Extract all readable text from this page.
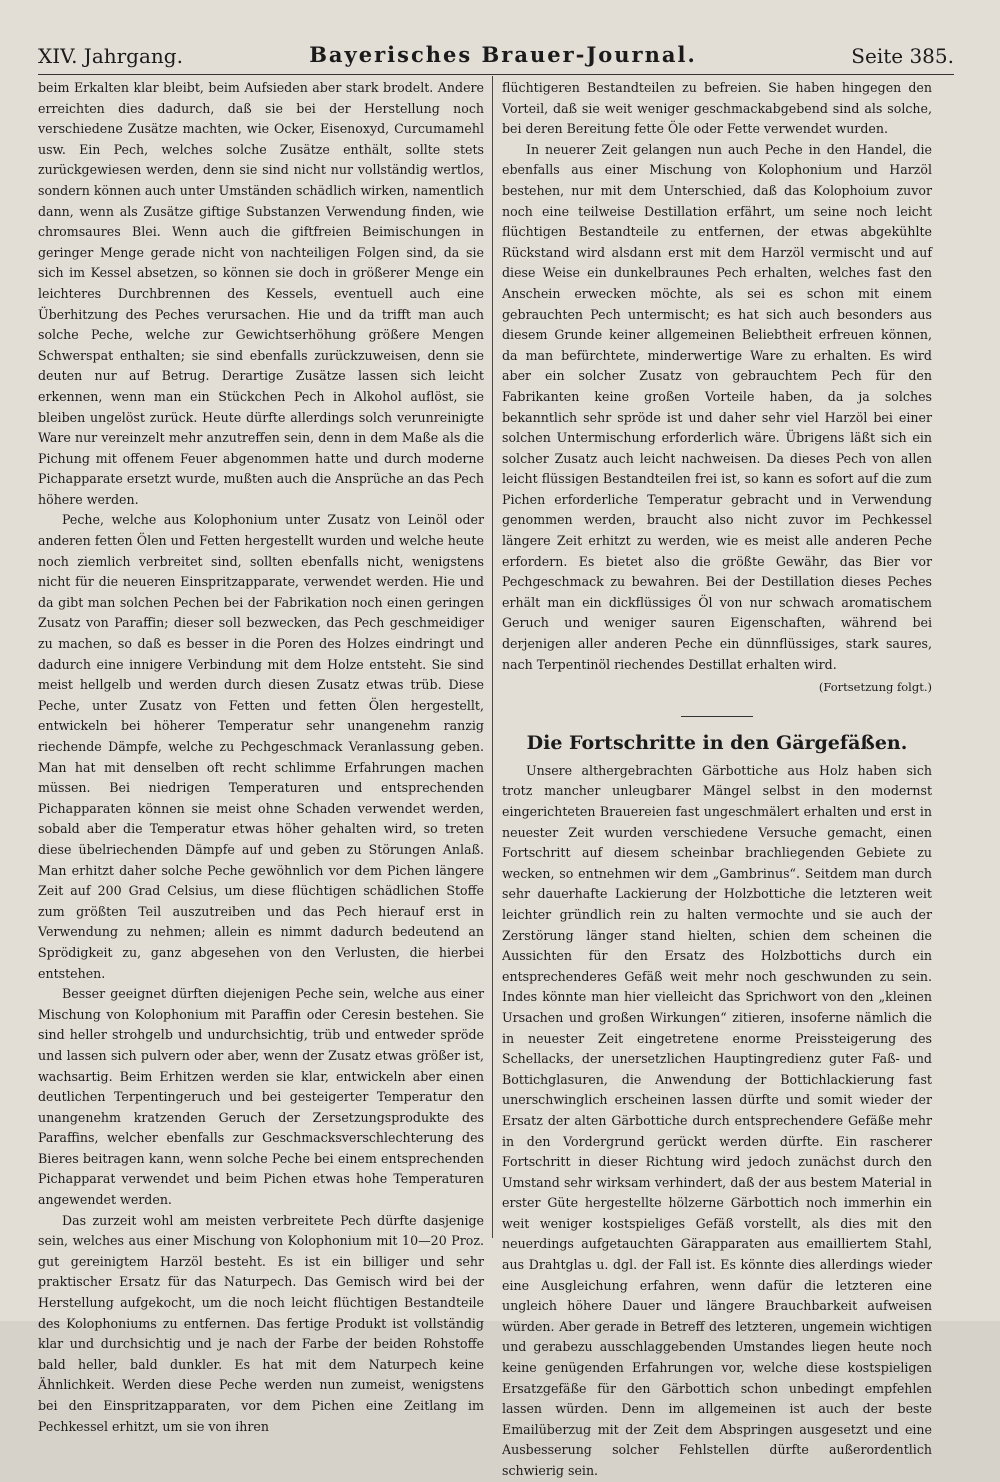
XIV. Jahrgang.	Bayerisches Brauer-Journal.	Seite 385.

beim Erkalten klar bleibt, beim Aufsieden aber stark brodelt. Andere erreichten dies dadurch, daß sie bei der Herstellung noch verschiedene Zusätze machten, wie Ocker, Eisenoxyd, Curcumamehl usw. Ein Pech, welches solche Zusätze enthält, sollte stets zurückgewiesen werden, denn sie sind nicht nur vollständig wertlos, sondern können auch unter Umständen schädlich wirken, namentlich dann, wenn als Zusätze giftige Substanzen Verwendung finden, wie chromsaures Blei. Wenn auch die giftfreien Beimischungen in geringer Menge gerade nicht von nachteiligen Folgen sind, da sie sich im Kessel absetzen, so können sie doch in größerer Menge ein leichteres Durchbrennen des Kessels, eventuell auch eine Überhitzung des Peches verursachen. Hie und da trifft man auch solche Peche, welche zur Gewichtserhöhung größere Mengen Schwerspat enthalten; sie sind ebenfalls zurückzuweisen, denn sie deuten nur auf Betrug. Derartige Zusätze lassen sich leicht erkennen, wenn man ein Stückchen Pech in Alkohol auflöst, sie bleiben ungelöst zurück. Heute dürfte allerdings solch verunreinigte Ware nur vereinzelt mehr anzutreffen sein, denn in dem Maße als die Pichung mit offenem Feuer abgenommen hatte und durch moderne Pichapparate ersetzt wurde, mußten auch die Ansprüche an das Pech höhere werden.

Peche, welche aus Kolophonium unter Zusatz von Leinöl oder anderen fetten Ölen und Fetten hergestellt wurden und welche heute noch ziemlich verbreitet sind, sollten ebenfalls nicht, wenigstens nicht für die neueren Einspritzapparate, verwendet werden. Hie und da gibt man solchen Pechen bei der Fabrikation noch einen geringen Zusatz von Paraffin; dieser soll bezwecken, das Pech geschmeidiger zu machen, so daß es besser in die Poren des Holzes eindringt und dadurch eine innigere Verbindung mit dem Holze entsteht. Sie sind meist hellgelb und werden durch diesen Zusatz etwas trüb. Diese Peche, unter Zusatz von Fetten und fetten Ölen hergestellt, entwickeln bei höherer Temperatur sehr unangenehm ranzig riechende Dämpfe, welche zu Pechgeschmack Veranlassung geben. Man hat mit denselben oft recht schlimme Erfahrungen machen müssen. Bei niedrigen Temperaturen und entsprechenden Pichapparaten können sie meist ohne Schaden verwendet werden, sobald aber die Temperatur etwas höher gehalten wird, so treten diese übelriechenden Dämpfe auf und geben zu Störungen Anlaß. Man erhitzt daher solche Peche gewöhnlich vor dem Pichen längere Zeit auf 200 Grad Celsius, um diese flüchtigen schädlichen Stoffe zum größten Teil auszutreiben und das Pech hierauf erst in Verwendung zu nehmen; allein es nimmt dadurch bedeutend an Sprödigkeit zu, ganz abgesehen von den Verlusten, die hierbei entstehen.

Besser geeignet dürften diejenigen Peche sein, welche aus einer Mischung von Kolophonium mit Paraffin oder Ceresin bestehen. Sie sind heller strohgelb und undurchsichtig, trüb und entweder spröde und lassen sich pulvern oder aber, wenn der Zusatz etwas größer ist, wachsartig. Beim Erhitzen werden sie klar, entwickeln aber einen deutlichen Terpentingeruch und bei gesteigerter Temperatur den unangenehm kratzenden Geruch der Zersetzungsprodukte des Paraffins, welcher ebenfalls zur Geschmacksverschlechterung des Bieres beitragen kann, wenn solche Peche bei einem entsprechenden Pichapparat verwendet und beim Pichen etwas hohe Temperaturen angewendet werden.

Das zurzeit wohl am meisten verbreitete Pech dürfte dasjenige sein, welches aus einer Mischung von Kolophonium mit 10—20 Proz. gut gereinigtem Harzöl besteht. Es ist ein billiger und sehr praktischer Ersatz für das Naturpech. Das Gemisch wird bei der Herstellung aufgekocht, um die noch leicht flüchtigen Bestandteile des Kolophoniums zu entfernen. Das fertige Produkt ist vollständig klar und durchsichtig und je nach der Farbe der beiden Rohstoffe bald heller, bald dunkler. Es hat mit dem Naturpech keine Ähnlichkeit. Werden diese Peche werden nun zumeist, wenigstens bei den Einspritzapparaten, vor dem Pichen eine Zeitlang im Pechkessel erhitzt, um sie von ihren

flüchtigeren Bestandteilen zu befreien. Sie haben hingegen den Vorteil, daß sie weit weniger geschmackabgebend sind als solche, bei deren Bereitung fette Öle oder Fette verwendet wurden.

In neuerer Zeit gelangen nun auch Peche in den Handel, die ebenfalls aus einer Mischung von Kolophonium und Harzöl bestehen, nur mit dem Unterschied, daß das Kolophoium zuvor noch eine teilweise Destillation erfährt, um seine noch leicht flüchtigen Bestandteile zu entfernen, der etwas abgekühlte Rückstand wird alsdann erst mit dem Harzöl vermischt und auf diese Weise ein dunkelbraunes Pech erhalten, welches fast den Anschein erwecken möchte, als sei es schon mit einem gebrauchten Pech untermischt; es hat sich auch besonders aus diesem Grunde keiner allgemeinen Beliebtheit erfreuen können, da man befürchtete, minderwertige Ware zu erhalten. Es wird aber ein solcher Zusatz von gebrauchtem Pech für den Fabrikanten keine großen Vorteile haben, da ja solches bekanntlich sehr spröde ist und daher sehr viel Harzöl bei einer solchen Untermischung erforderlich wäre. Übrigens läßt sich ein solcher Zusatz auch leicht nachweisen. Da dieses Pech von allen leicht flüssigen Bestandteilen frei ist, so kann es sofort auf die zum Pichen erforderliche Temperatur gebracht und in Verwendung genommen werden, braucht also nicht zuvor im Pechkessel längere Zeit erhitzt zu werden, wie es meist alle anderen Peche erfordern. Es bietet also die größte Gewähr, das Bier vor Pechgeschmack zu bewahren. Bei der Destillation dieses Peches erhält man ein dickflüssiges Öl von nur schwach aromatischem Geruch und weniger sauren Eigenschaften, während bei derjenigen aller anderen Peche ein dünnflüssiges, stark saures, nach Terpentinöl riechendes Destillat erhalten wird.

(Fortsetzung folgt.)

Die Fortschritte in den Gärgefäßen.

Unsere althergebrachten Gärbottiche aus Holz haben sich trotz mancher unleugbarer Mängel selbst in den modernst eingerichteten Brauereien fast ungeschmälert erhalten und erst in neuester Zeit wurden verschiedene Versuche gemacht, einen Fortschritt auf diesem scheinbar brachliegenden Gebiete zu wecken, so entnehmen wir dem „Gambrinus“. Seitdem man durch sehr dauerhafte Lackierung der Holzbottiche die letzteren weit leichter gründlich rein zu halten vermochte und sie auch der Zerstörung länger stand hielten, schien dem scheinen die Aussichten für den Ersatz des Holzbottichs durch ein entsprechenderes Gefäß weit mehr noch geschwunden zu sein. Indes könnte man hier vielleicht das Sprichwort von den „kleinen Ursachen und großen Wirkungen“ zitieren, insoferne nämlich die in neuester Zeit eingetretene enorme Preissteigerung des Schellacks, der unersetzlichen Hauptingredienz guter Faß- und Bottichglasuren, die Anwendung der Bottichlackierung fast unerschwinglich erscheinen lassen dürfte und somit wieder der Ersatz der alten Gärbottiche durch entsprechendere Gefäße mehr in den Vordergrund gerückt werden dürfte. Ein rascherer Fortschritt in dieser Richtung wird jedoch zunächst durch den Umstand sehr wirksam verhindert, daß der aus bestem Material in erster Güte hergestellte hölzerne Gärbottich noch immerhin ein weit weniger kostspieliges Gefäß vorstellt, als dies mit den neuerdings aufgetauchten Gärapparaten aus emailliertem Stahl, aus Drahtglas u. dgl. der Fall ist. Es könnte dies allerdings wieder eine Ausgleichung erfahren, wenn dafür die letzteren eine ungleich höhere Dauer und längere Brauchbarkeit aufweisen würden. Aber gerade in Betreff des letzteren, ungemein wichtigen und gerabezu ausschlaggebenden Umstandes liegen heute noch keine genügenden Erfahrungen vor, welche diese kostspieligen Ersatzgefäße für den Gärbottich schon unbedingt empfehlen lassen würden. Denn im allgemeinen ist auch der beste Emailüberzug mit der Zeit dem Abspringen ausgesetzt und eine Ausbesserung solcher Fehlstellen dürfte außerordentlich schwierig sein.
